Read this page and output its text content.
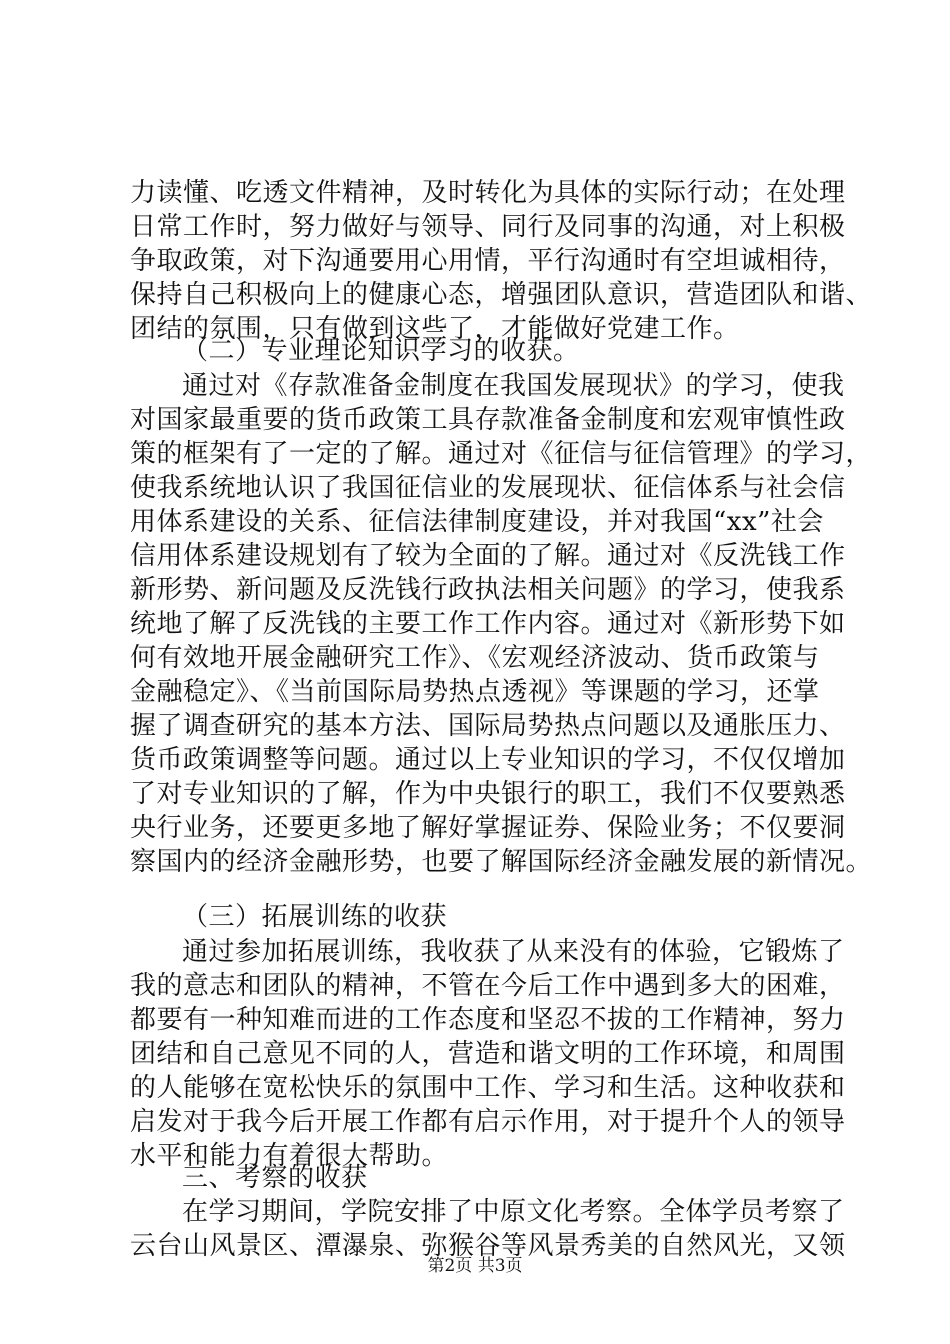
力读懂、吃透文件精神，及时转化为具体的实际行动；在处理
日常工作时，努力做好与领导、同行及同事的沟通，对上积极
争取政策，对下沟通要用心用情，平行沟通时有空坦诚相待，
保持自己积极向上的健康心态，增强团队意识，营造团队和谐、
团结的氛围，只有做到这些了，才能做好党建工作。
（二）专业理论知识学习的收获。
通过对《存款准备金制度在我国发展现状》的学习，使我
对国家最重要的货币政策工具存款准备金制度和宏观审慎性政
策的框架有了一定的了解。通过对《征信与征信管理》的学习，
使我系统地认识了我国征信业的发展现状、征信体系与社会信
用体系建设的关系、征信法律制度建设，并对我国“xx”社会
信用体系建设规划有了较为全面的了解。通过对《反洗钱工作
新形势、新问题及反洗钱行政执法相关问题》的学习，使我系
统地了解了反洗钱的主要工作工作内容。通过对《新形势下如
何有效地开展金融研究工作》、《宏观经济波动、货币政策与
金融稳定》、《当前国际局势热点透视》等课题的学习，还掌
握了调查研究的基本方法、国际局势热点问题以及通胀压力、
货币政策调整等问题。通过以上专业知识的学习，不仅仅增加
了对专业知识的了解，作为中央银行的职工，我们不仅要熟悉
央行业务，还要更多地了解好掌握证券、保险业务；不仅要洞
察国内的经济金融形势，也要了解国际经济金融发展的新情况。
（三）拓展训练的收获
通过参加拓展训练，我收获了从来没有的体验，它锻炼了
我的意志和团队的精神，不管在今后工作中遇到多大的困难，
都要有一种知难而进的工作态度和坚忍不拔的工作精神，努力
团结和自己意见不同的人，营造和谐文明的工作环境，和周围
的人能够在宽松快乐的氛围中工作、学习和生活。这种收获和
启发对于我今后开展工作都有启示作用，对于提升个人的领导
水平和能力有着很大帮助。
三、考察的收获
在学习期间，学院安排了中原文化考察。全体学员考察了
云台山风景区、潭瀑泉、弥猴谷等风景秀美的自然风光，又领
第2页 共3页
